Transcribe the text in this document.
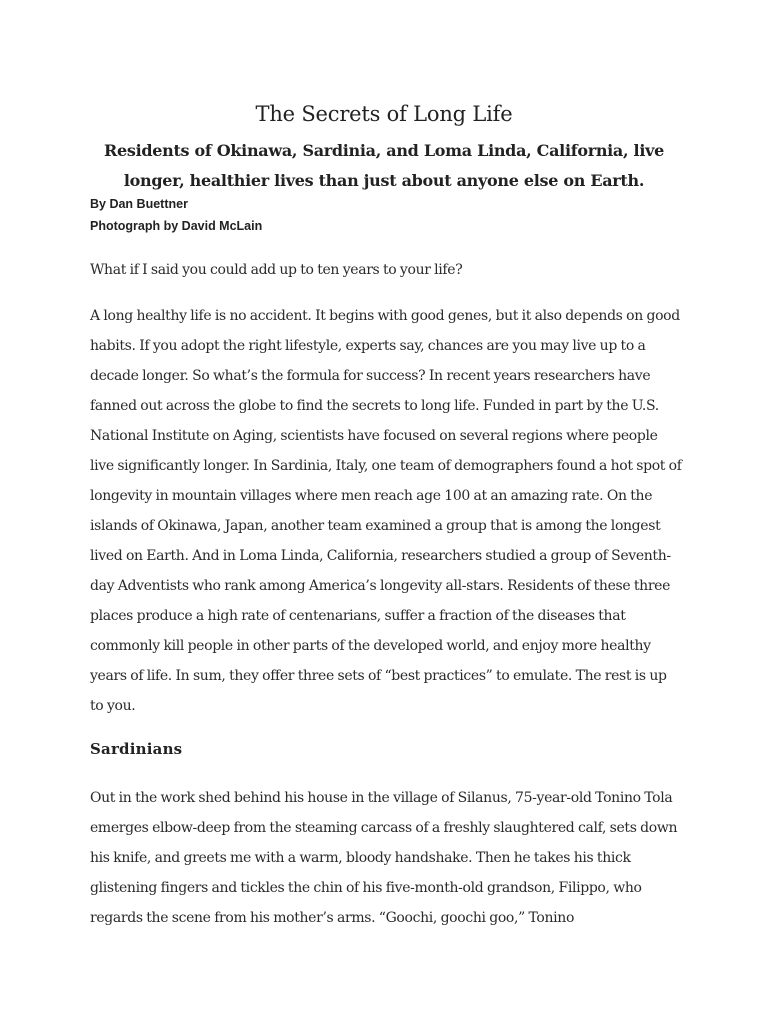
The Secrets of Long Life

Residents of Okinawa, Sardinia, and Loma Linda, California, live longer, healthier lives than just about anyone else on Earth.

By Dan Buettner
Photograph by David McLain

What if I said you could add up to ten years to your life?

A long healthy life is no accident. It begins with good genes, but it also depends on good habits. If you adopt the right lifestyle, experts say, chances are you may live up to a decade longer. So what’s the formula for success? In recent years researchers have fanned out across the globe to find the secrets to long life. Funded in part by the U.S. National Institute on Aging, scientists have focused on several regions where people live significantly longer. In Sardinia, Italy, one team of demographers found a hot spot of longevity in mountain villages where men reach age 100 at an amazing rate. On the islands of Okinawa, Japan, another team examined a group that is among the longest lived on Earth. And in Loma Linda, California, researchers studied a group of Seventh-day Adventists who rank among America’s longevity all-stars. Residents of these three places produce a high rate of centenarians, suffer a fraction of the diseases that commonly kill people in other parts of the developed world, and enjoy more healthy years of life. In sum, they offer three sets of “best practices” to emulate. The rest is up to you.

Sardinians

Out in the work shed behind his house in the village of Silanus, 75-year-old Tonino Tola emerges elbow-deep from the steaming carcass of a freshly slaughtered calf, sets down his knife, and greets me with a warm, bloody handshake. Then he takes his thick glistening fingers and tickles the chin of his five-month-old grandson, Filippo, who regards the scene from his mother’s arms. “Goochi, goochi goo,” Tonino
